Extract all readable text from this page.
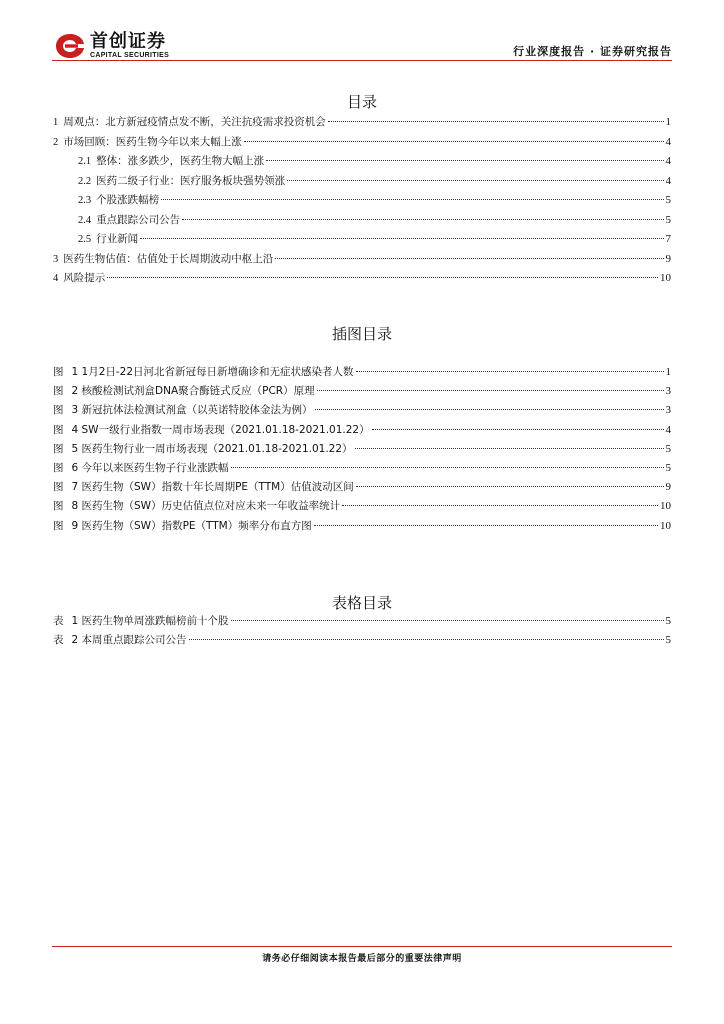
首创证券
CAPITAL SECURITIES	行业深度报告 · 证券研究报告
目录
1 周观点：北方新冠疫情点发不断，关注抗疫需求投资机会	1
2 市场回顾：医药生物今年以来大幅上涨	4
2.1 整体：涨多跌少，医药生物大幅上涨	4
2.2 医药二级子行业：医疗服务板块强势领涨	4
2.3 个股涨跌幅榜	5
2.4 重点跟踪公司公告	5
2.5 行业新闻	7
3 医药生物估值：估值处于长周期波动中枢上沿	9
4 风险提示	10
插图目录
图 1 1月2日-22日河北省新冠每日新增确诊和无症状感染者人数	1
图 2 核酸检测试剂盒DNA聚合酶链式反应（PCR）原理	3
图 3 新冠抗体法检测试剂盒（以英诺特胶体金法为例）	3
图 4 SW一级行业指数一周市场表现（2021.01.18-2021.01.22）	4
图 5 医药生物行业一周市场表现（2021.01.18-2021.01.22）	5
图 6 今年以来医药生物子行业涨跌幅	5
图 7 医药生物（SW）指数十年长周期PE（TTM）估值波动区间	9
图 8 医药生物（SW）历史估值点位对应未来一年收益率统计	10
图 9 医药生物（SW）指数PE（TTM）频率分布直方图	10
表格目录
表 1 医药生物单周涨跌幅榜前十个股	5
表 2 本周重点跟踪公司公告	5
请务必仔细阅读本报告最后部分的重要法律声明
